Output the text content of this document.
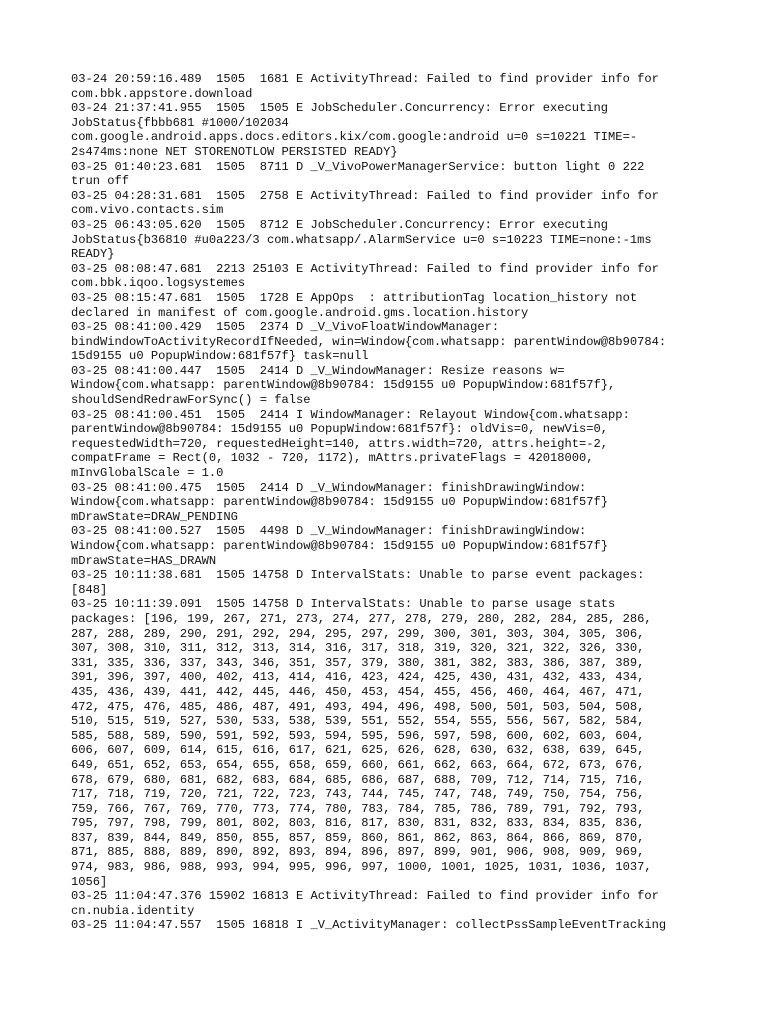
03-24 20:59:16.489  1505  1681 E ActivityThread: Failed to find provider info for
com.bbk.appstore.download
03-24 21:37:41.955  1505  1505 E JobScheduler.Concurrency: Error executing
JobStatus{fbbb681 #1000/102034
com.google.android.apps.docs.editors.kix/com.google:android u=0 s=10221 TIME=-
2s474ms:none NET STORENOTLOW PERSISTED READY}
03-25 01:40:23.681  1505  8711 D _V_VivoPowerManagerService: button light 0 222
trun off
03-25 04:28:31.681  1505  2758 E ActivityThread: Failed to find provider info for
com.vivo.contacts.sim
03-25 06:43:05.620  1505  8712 E JobScheduler.Concurrency: Error executing
JobStatus{b36810 #u0a223/3 com.whatsapp/.AlarmService u=0 s=10223 TIME=none:-1ms
READY}
03-25 08:08:47.681  2213 25103 E ActivityThread: Failed to find provider info for
com.bbk.iqoo.logsystemes
03-25 08:15:47.681  1505  1728 E AppOps  : attributionTag location_history not
declared in manifest of com.google.android.gms.location.history
03-25 08:41:00.429  1505  2374 D _V_VivoFloatWindowManager:
bindWindowToActivityRecordIfNeeded, win=Window{com.whatsapp: parentWindow@8b90784:
15d9155 u0 PopupWindow:681f57f} task=null
03-25 08:41:00.447  1505  2414 D _V_WindowManager: Resize reasons w=
Window{com.whatsapp: parentWindow@8b90784: 15d9155 u0 PopupWindow:681f57f},
shouldSendRedrawForSync() = false
03-25 08:41:00.451  1505  2414 I WindowManager: Relayout Window{com.whatsapp:
parentWindow@8b90784: 15d9155 u0 PopupWindow:681f57f}: oldVis=0, newVis=0,
requestedWidth=720, requestedHeight=140, attrs.width=720, attrs.height=-2,
compatFrame = Rect(0, 1032 - 720, 1172), mAttrs.privateFlags = 42018000,
mInvGlobalScale = 1.0
03-25 08:41:00.475  1505  2414 D _V_WindowManager: finishDrawingWindow:
Window{com.whatsapp: parentWindow@8b90784: 15d9155 u0 PopupWindow:681f57f}
mDrawState=DRAW_PENDING
03-25 08:41:00.527  1505  4498 D _V_WindowManager: finishDrawingWindow:
Window{com.whatsapp: parentWindow@8b90784: 15d9155 u0 PopupWindow:681f57f}
mDrawState=HAS_DRAWN
03-25 10:11:38.681  1505 14758 D IntervalStats: Unable to parse event packages:
[848]
03-25 10:11:39.091  1505 14758 D IntervalStats: Unable to parse usage stats
packages: [196, 199, 267, 271, 273, 274, 277, 278, 279, 280, 282, 284, 285, 286,
287, 288, 289, 290, 291, 292, 294, 295, 297, 299, 300, 301, 303, 304, 305, 306,
307, 308, 310, 311, 312, 313, 314, 316, 317, 318, 319, 320, 321, 322, 326, 330,
331, 335, 336, 337, 343, 346, 351, 357, 379, 380, 381, 382, 383, 386, 387, 389,
391, 396, 397, 400, 402, 413, 414, 416, 423, 424, 425, 430, 431, 432, 433, 434,
435, 436, 439, 441, 442, 445, 446, 450, 453, 454, 455, 456, 460, 464, 467, 471,
472, 475, 476, 485, 486, 487, 491, 493, 494, 496, 498, 500, 501, 503, 504, 508,
510, 515, 519, 527, 530, 533, 538, 539, 551, 552, 554, 555, 556, 567, 582, 584,
585, 588, 589, 590, 591, 592, 593, 594, 595, 596, 597, 598, 600, 602, 603, 604,
606, 607, 609, 614, 615, 616, 617, 621, 625, 626, 628, 630, 632, 638, 639, 645,
649, 651, 652, 653, 654, 655, 658, 659, 660, 661, 662, 663, 664, 672, 673, 676,
678, 679, 680, 681, 682, 683, 684, 685, 686, 687, 688, 709, 712, 714, 715, 716,
717, 718, 719, 720, 721, 722, 723, 743, 744, 745, 747, 748, 749, 750, 754, 756,
759, 766, 767, 769, 770, 773, 774, 780, 783, 784, 785, 786, 789, 791, 792, 793,
795, 797, 798, 799, 801, 802, 803, 816, 817, 830, 831, 832, 833, 834, 835, 836,
837, 839, 844, 849, 850, 855, 857, 859, 860, 861, 862, 863, 864, 866, 869, 870,
871, 885, 888, 889, 890, 892, 893, 894, 896, 897, 899, 901, 906, 908, 909, 969,
974, 983, 986, 988, 993, 994, 995, 996, 997, 1000, 1001, 1025, 1031, 1036, 1037,
1056]
03-25 11:04:47.376 15902 16813 E ActivityThread: Failed to find provider info for
cn.nubia.identity
03-25 11:04:47.557  1505 16818 I _V_ActivityManager: collectPssSampleEventTracking
